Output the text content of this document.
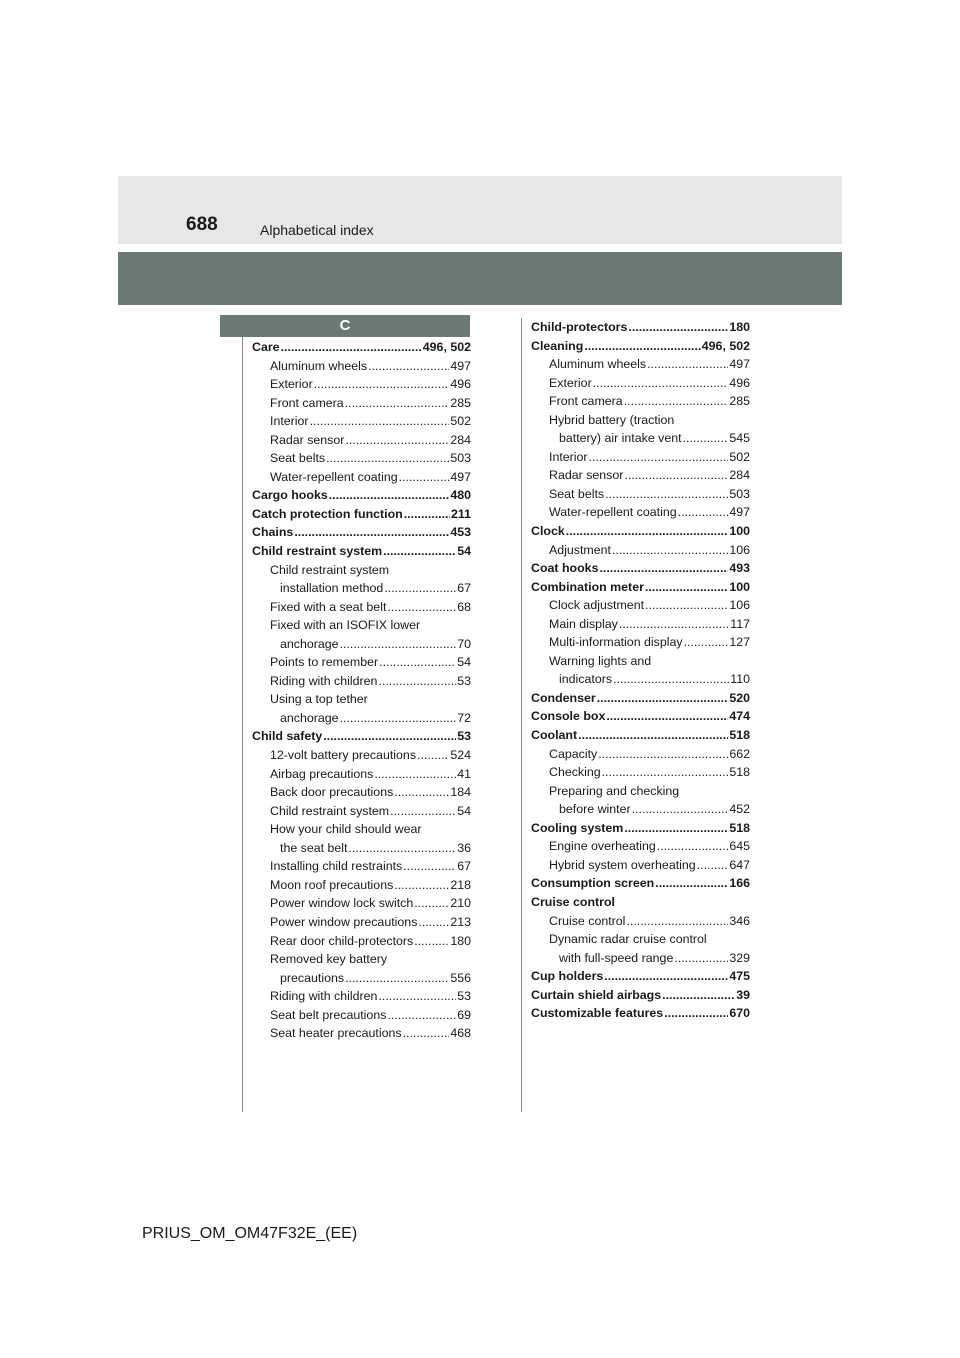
688	Alphabetical index
C
Care .....	496, 502
Aluminum wheels .....	497
Exterior .....	496
Front camera .....	285
Interior .....	502
Radar sensor .....	284
Seat belts .....	503
Water-repellent coating .....	497
Cargo hooks .....	480
Catch protection function .....	211
Chains .....	453
Child restraint system .....	54
Child restraint system
installation method .....	67
Fixed with a seat belt .....	68
Fixed with an ISOFIX lower
anchorage .....	70
Points to remember .....	54
Riding with children .....	53
Using a top tether
anchorage .....	72
Child safety .....	53
12-volt battery precautions .....	524
Airbag precautions .....	41
Back door precautions .....	184
Child restraint system .....	54
How your child should wear
the seat belt .....	36
Installing child restraints .....	67
Moon roof precautions .....	218
Power window lock switch .....	210
Power window precautions .....	213
Rear door child-protectors .....	180
Removed key battery
precautions .....	556
Riding with children .....	53
Seat belt precautions .....	69
Seat heater precautions .....	468
Child-protectors .....	180
Cleaning .....	496, 502
Aluminum wheels .....	497
Exterior .....	496
Front camera .....	285
Hybrid battery (traction
battery) air intake vent .....	545
Interior .....	502
Radar sensor .....	284
Seat belts .....	503
Water-repellent coating .....	497
Clock .....	100
Adjustment .....	106
Coat hooks .....	493
Combination meter .....	100
Clock adjustment .....	106
Main display .....	117
Multi-information display .....	127
Warning lights and
indicators .....	110
Condenser .....	520
Console box .....	474
Coolant .....	518
Capacity .....	662
Checking .....	518
Preparing and checking
before winter .....	452
Cooling system .....	518
Engine overheating .....	645
Hybrid system overheating .....	647
Consumption screen .....	166
Cruise control
Cruise control .....	346
Dynamic radar cruise control
with full-speed range .....	329
Cup holders .....	475
Curtain shield airbags .....	39
Customizable features .....	670
PRIUS_OM_OM47F32E_(EE)
